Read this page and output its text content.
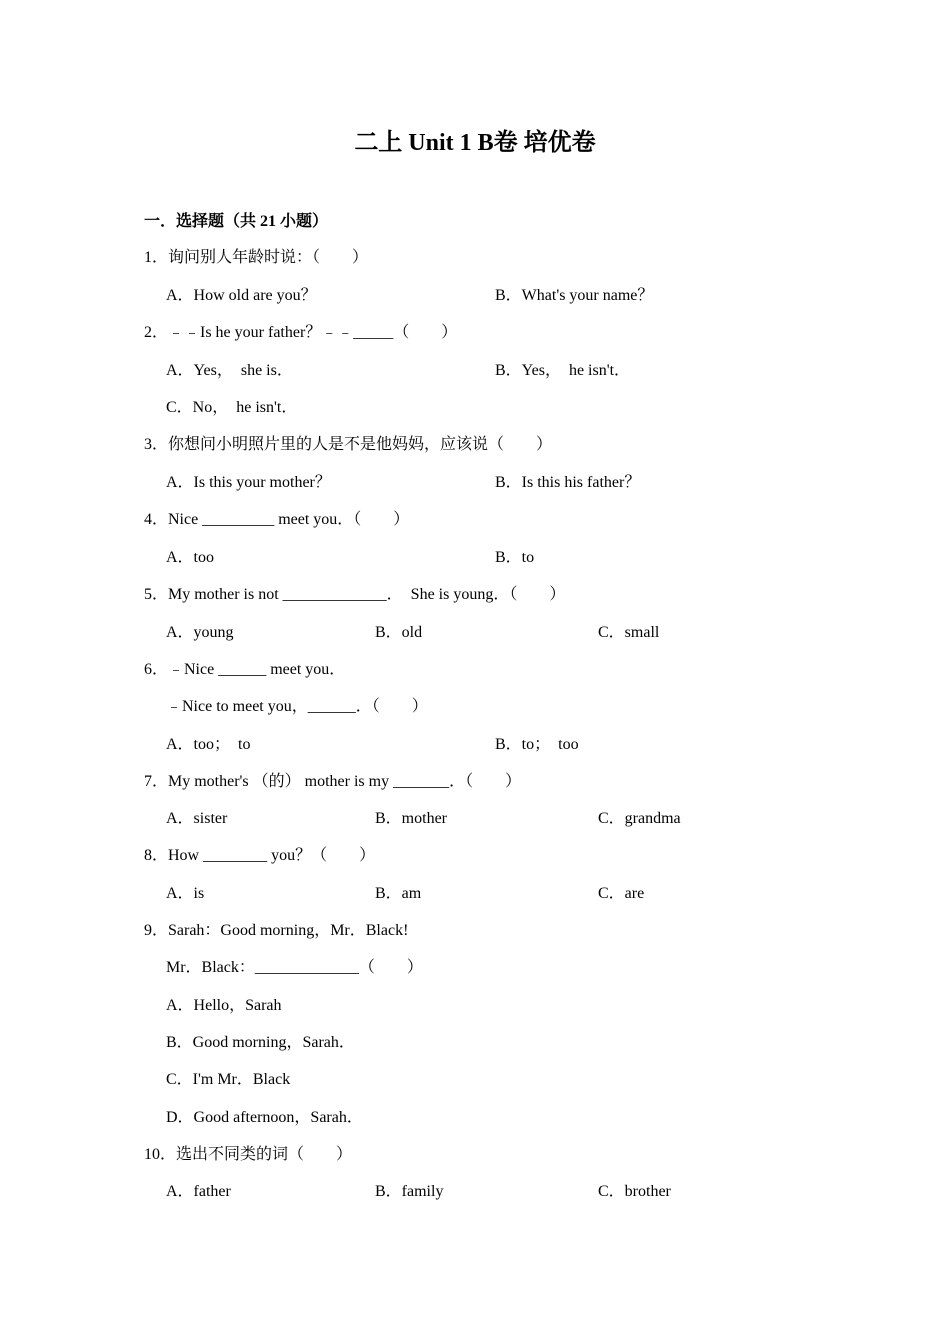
二上 Unit 1 B卷 培优卷
一．选择题（共 21 小题）
1．询问别人年龄时说：（　　）
A．How old are you？	B．What's your name？
2．﹣﹣Is he your father？﹣﹣_____（　　）
A．Yes，　she is．	B．Yes，　he isn't．
C．No，　he isn't．
3．你想问小明照片里的人是不是他妈妈，应该说（　　）
A．Is this your mother？	B．Is this his father？
4．Nice _________ meet you．（　　）
A．too	B．to
5．My mother is not _____________．  She is young．（　　）
A．young	B．old	C．small
6．﹣Nice ______ meet you．
﹣Nice to meet you，______．（　　）
A．too；  to	B．to；  too
7．My mother's （的） mother is my _______．（　　）
A．sister	B．mother	C．grandma
8．How ________ you？（　　）
A．is	B．am	C．are
9．Sarah：Good morning，Mr．Black!
Mr．Black：_____________（　　）
A．Hello，Sarah
B．Good morning，Sarah．
C．I'm Mr．Black
D．Good afternoon，Sarah．
10．选出不同类的词（　　）
A．father	B．family	C．brother
